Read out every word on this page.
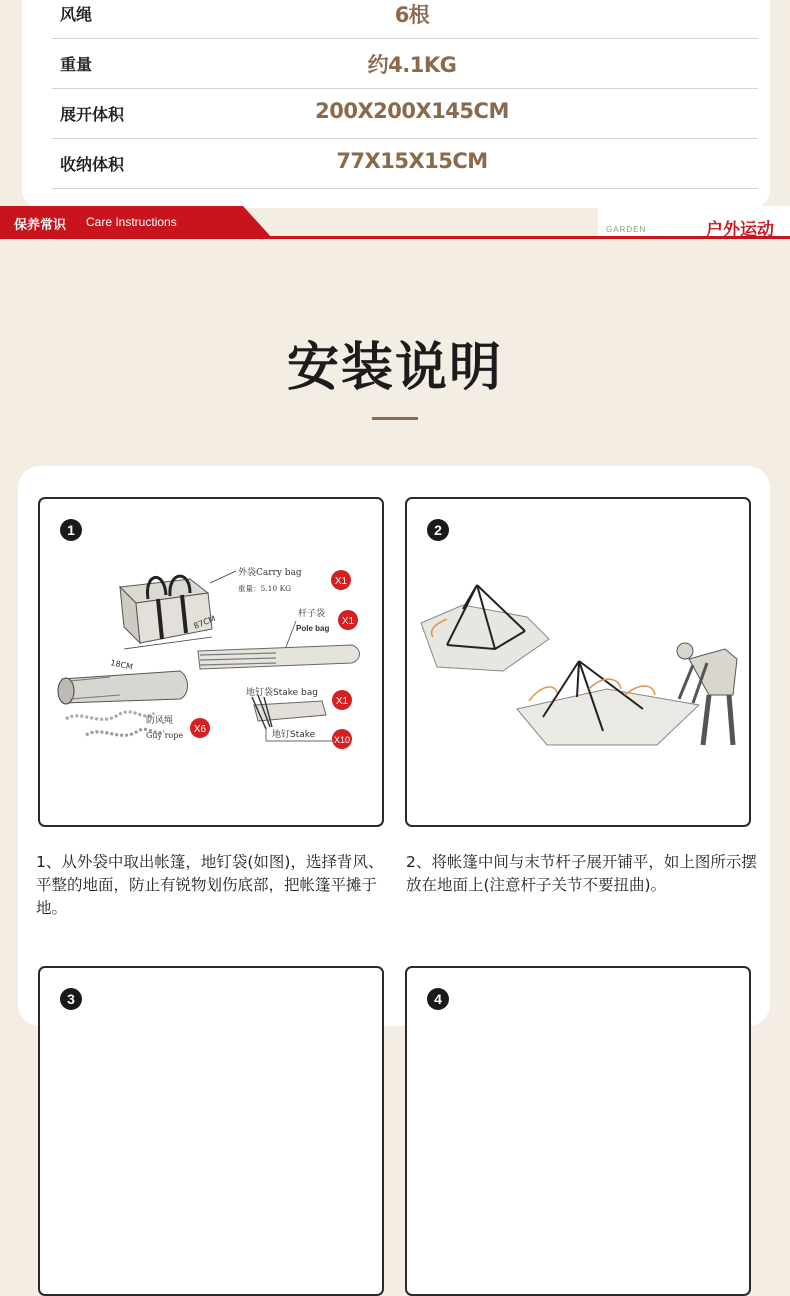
风绳	6根
重量	约4.1KG
展开体积	200X200X145CM
收纳体积	77X15X15CM
保养常识 Care Instructions
GARDEN	户外运动
安装说明
87CM
18CM
外袋Carry bag
重量：5.10 KG
X1
杆子袋
Pole bag
X1
防风绳
Guy rope
X6
地钉袋Stake bag
X1
地钉Stake X10
1	2
1、从外袋中取出帐篷，地钉袋(如图)，选择背风、平整的地面，防止有锐物划伤底部，把帐篷平摊于地。
2、将帐篷中间与末节杆子展开铺平，如上图所示摆放在地面上(注意杆子关节不要扭曲)。
3	4
